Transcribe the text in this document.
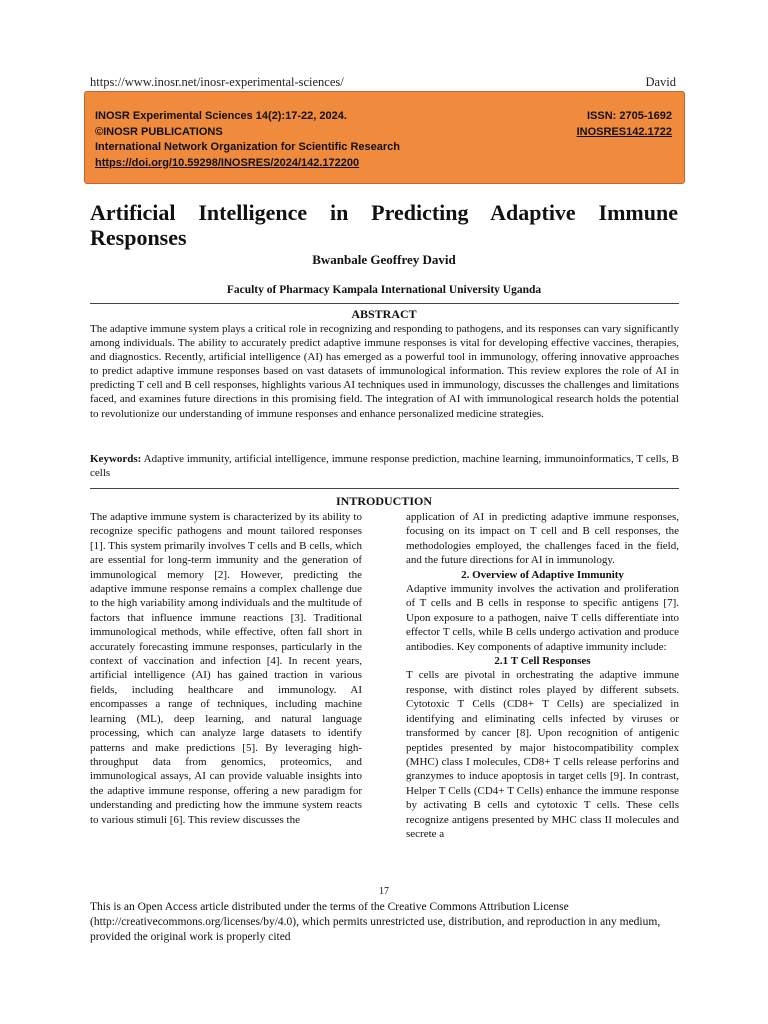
https://www.inosr.net/inosr-experimental-sciences/	David
INOSR Experimental Sciences 14(2):17-22, 2024.
©INOSR PUBLICATIONS
International Network Organization for Scientific Research
https://doi.org/10.59298/INOSRES/2024/142.172200
ISSN: 2705-1692
INOSRES142.1722
Artificial Intelligence in Predicting Adaptive Immune Responses
Bwanbale Geoffrey David
Faculty of Pharmacy Kampala International University Uganda
ABSTRACT
The adaptive immune system plays a critical role in recognizing and responding to pathogens, and its responses can vary significantly among individuals. The ability to accurately predict adaptive immune responses is vital for developing effective vaccines, therapies, and diagnostics. Recently, artificial intelligence (AI) has emerged as a powerful tool in immunology, offering innovative approaches to predict adaptive immune responses based on vast datasets of immunological information. This review explores the role of AI in predicting T cell and B cell responses, highlights various AI techniques used in immunology, discusses the challenges and limitations faced, and examines future directions in this promising field. The integration of AI with immunological research holds the potential to revolutionize our understanding of immune responses and enhance personalized medicine strategies.
Keywords: Adaptive immunity, artificial intelligence, immune response prediction, machine learning, immunoinformatics, T cells, B cells
INTRODUCTION

The adaptive immune system is characterized by its ability to recognize specific pathogens and mount tailored responses [1]. This system primarily involves T cells and B cells, which are essential for long-term immunity and the generation of immunological memory [2]. However, predicting the adaptive immune response remains a complex challenge due to the high variability among individuals and the multitude of factors that influence immune reactions [3]. Traditional immunological methods, while effective, often fall short in accurately forecasting immune responses, particularly in the context of vaccination and infection [4]. In recent years, artificial intelligence (AI) has gained traction in various fields, including healthcare and immunology. AI encompasses a range of techniques, including machine learning (ML), deep learning, and natural language processing, which can analyze large datasets to identify patterns and make predictions [5]. By leveraging high-throughput data from genomics, proteomics, and immunological assays, AI can provide valuable insights into the adaptive immune response, offering a new paradigm for understanding and predicting how the immune system reacts to various stimuli [6]. This review discusses the

application of AI in predicting adaptive immune responses, focusing on its impact on T cell and B cell responses, the methodologies employed, the challenges faced in the field, and the future directions for AI in immunology.

2. Overview of Adaptive Immunity

Adaptive immunity involves the activation and proliferation of T cells and B cells in response to specific antigens [7]. Upon exposure to a pathogen, naive T cells differentiate into effector T cells, while B cells undergo activation and produce antibodies. Key components of adaptive immunity include:

2.1 T Cell Responses

T cells are pivotal in orchestrating the adaptive immune response, with distinct roles played by different subsets. Cytotoxic T Cells (CD8+ T Cells) are specialized in identifying and eliminating cells infected by viruses or transformed by cancer [8]. Upon recognition of antigenic peptides presented by major histocompatibility complex (MHC) class I molecules, CD8+ T cells release perforins and granzymes to induce apoptosis in target cells [9]. In contrast, Helper T Cells (CD4+ T Cells) enhance the immune response by activating B cells and cytotoxic T cells. These cells recognize antigens presented by MHC class II molecules and secrete a

17
This is an Open Access article distributed under the terms of the Creative Commons Attribution License (http://creativecommons.org/licenses/by/4.0), which permits unrestricted use, distribution, and reproduction in any medium, provided the original work is properly cited
